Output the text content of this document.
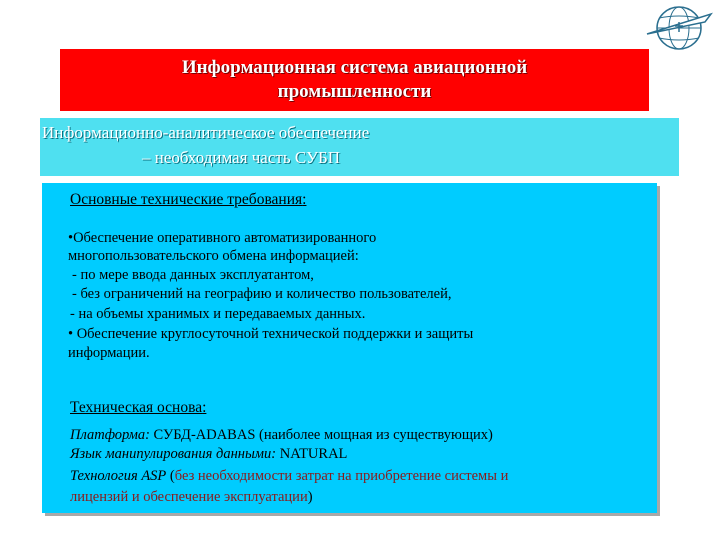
Информационная система авиационной
промышленности
Информационно-аналитическое обеспечение
– необходимая часть СУБП
Основные технические требования:
•Обеспечение оперативного автоматизированного
многопользовательского обмена информацией:
- по мере ввода данных эксплуатантом,
- без ограничений на географию и количество пользователей,
- на объемы хранимых и передаваемых данных.
• Обеспечение круглосуточной технической поддержки и защиты
информации.
Техническая основа:
Платформа: СУБД-ADABAS (наиболее мощная из существующих)
Язык манипулирования данными: NATURAL
Технология ASP (без необходимости затрат на приобретение системы и
лицензий и обеспечение эксплуатации)
